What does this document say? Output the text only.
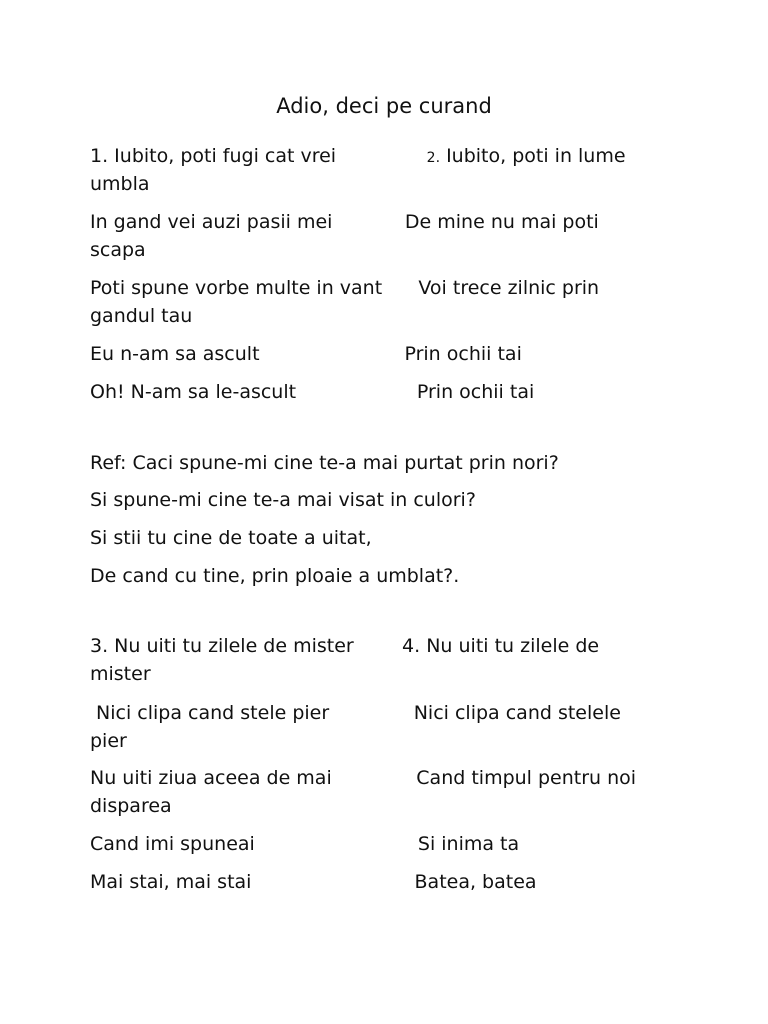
Adio, deci pe curand
1. Iubito, poti fugi cat vrei               2. Iubito, poti in lume
umbla
In gand vei auzi pasii mei            De mine nu mai poti
scapa
Poti spune vorbe multe in vant      Voi trece zilnic prin
gandul tau
Eu n-am sa ascult                        Prin ochii tai
Oh! N-am sa le-ascult                    Prin ochii tai
Ref: Caci spune-mi cine te-a mai purtat prin nori?
Si spune-mi cine te-a mai visat in culori?
Si stii tu cine de toate a uitat,
De cand cu tine, prin ploaie a umblat?.
3. Nu uiti tu zilele de mister        4. Nu uiti tu zilele de
mister
Nici clipa cand stele pier              Nici clipa cand stelele
pier
Nu uiti ziua aceea de mai              Cand timpul pentru noi
disparea
Cand imi spuneai                           Si inima ta
Mai stai, mai stai                           Batea, batea
